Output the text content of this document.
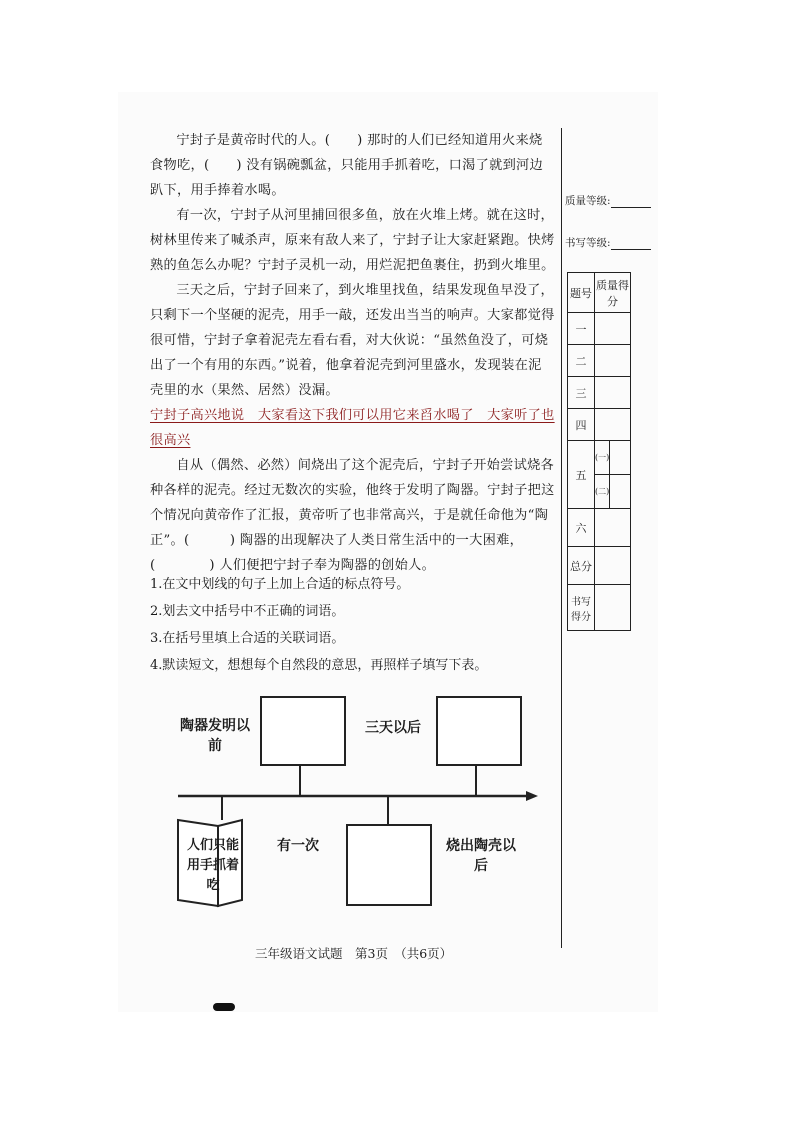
宁封子是黄帝时代的人。(　　) 那时的人们已经知道用火来烧食物吃，(　　) 没有锅碗瓢盆，只能用手抓着吃，口渴了就到河边趴下，用手捧着水喝。

有一次，宁封子从河里捕回很多鱼，放在火堆上烤。就在这时，树林里传来了喊杀声，原来有敌人来了，宁封子让大家赶紧跑。快烤熟的鱼怎么办呢？宁封子灵机一动，用烂泥把鱼裹住，扔到火堆里。

三天之后，宁封子回来了，到火堆里找鱼，结果发现鱼早没了，只剩下一个坚硬的泥壳，用手一敲，还发出当当的响声。大家都觉得很可惜，宁封子拿着泥壳左看右看，对大伙说：“虽然鱼没了，可烧出了一个有用的东西。”说着，他拿着泥壳到河里盛水，发现装在泥壳里的水（果然、居然）没漏。

宁封子高兴地说　大家看这下我们可以用它来舀水喝了　大家听了也很高兴

自从（偶然、必然）间烧出了这个泥壳后，宁封子开始尝试烧各种各样的泥壳。经过无数次的实验，他终于发明了陶器。宁封子把这个情况向黄帝作了汇报，黄帝听了也非常高兴，于是就任命他为“陶正”。(　　　) 陶器的出现解决了人类日常生活中的一大困难，(　　　　) 人们便把宁封子奉为陶器的创始人。

1.在文中划线的句子上加上合适的标点符号。
2.划去文中括号中不正确的词语。
3.在括号里填上合适的关联词语。
4.默读短文，想想每个自然段的意思，再照样子填写下表。
质量等级:
书写等级:
题号	质量得分	
一		
二		
三		
四		
五	(一)	
	(二)	
六		
总分		
书写得分		
陶器发明以前
三天以后
有一次	烧出陶壳以后
人们只能用手抓着吃
三年级语文试题　第3页　（共6页）
